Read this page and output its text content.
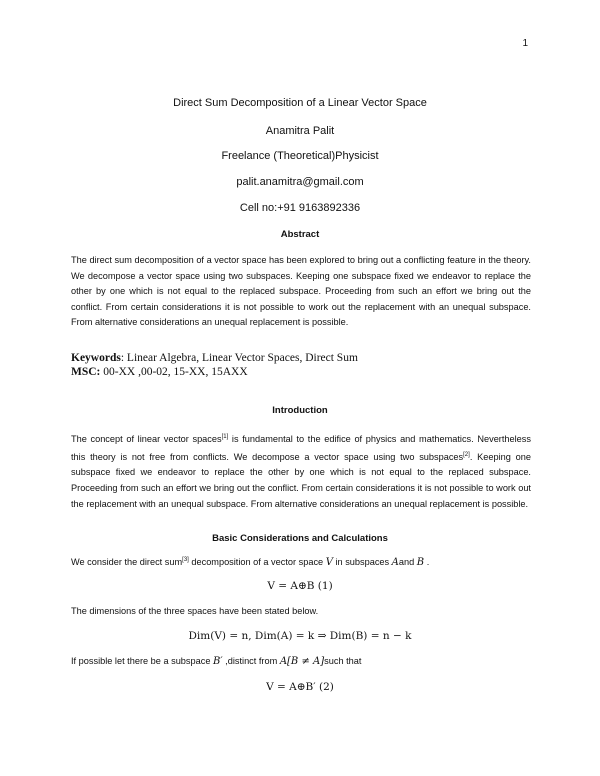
1
Direct Sum Decomposition of a Linear Vector Space
Anamitra Palit
Freelance (Theoretical)Physicist
palit.anamitra@gmail.com
Cell no:+91 9163892336
Abstract

The direct sum decomposition of a vector space has been explored to bring out a conflicting feature in the theory. We decompose a vector space using two subspaces. Keeping one subspace fixed we endeavor to replace the other by one which is not equal to the replaced subspace. Proceeding from such an effort we bring out the conflict. From certain considerations it is not possible to work out the replacement with an unequal subspace. From alternative considerations an unequal replacement is possible.

Keywords: Linear Algebra, Linear Vector Spaces, Direct Sum
MSC: 00-XX ,00-02, 15-XX, 15AXX
Introduction

The concept of linear vector spaces[1] is fundamental to the edifice of physics and mathematics. Nevertheless this theory is not free from conflicts. We decompose a vector space using two subspaces[2]. Keeping one subspace fixed we endeavor to replace the other by one which is not equal to the replaced subspace. Proceeding from such an effort we bring out the conflict. From certain considerations it is not possible to work out the replacement with an unequal subspace. From alternative considerations an unequal replacement is possible.

Basic Considerations and Calculations
We consider the direct sum[3] decomposition of a vector space V in subspaces Aand B .
V = A⊕B (1)
The dimensions of the three spaces have been stated below.
Dim(V) = n, Dim(A) = k ⇒ Dim(B) = n − k
If possible let there be a subspace B′ ,distinct from A[B ≠ A]such that
V = A⊕B′ (2)
